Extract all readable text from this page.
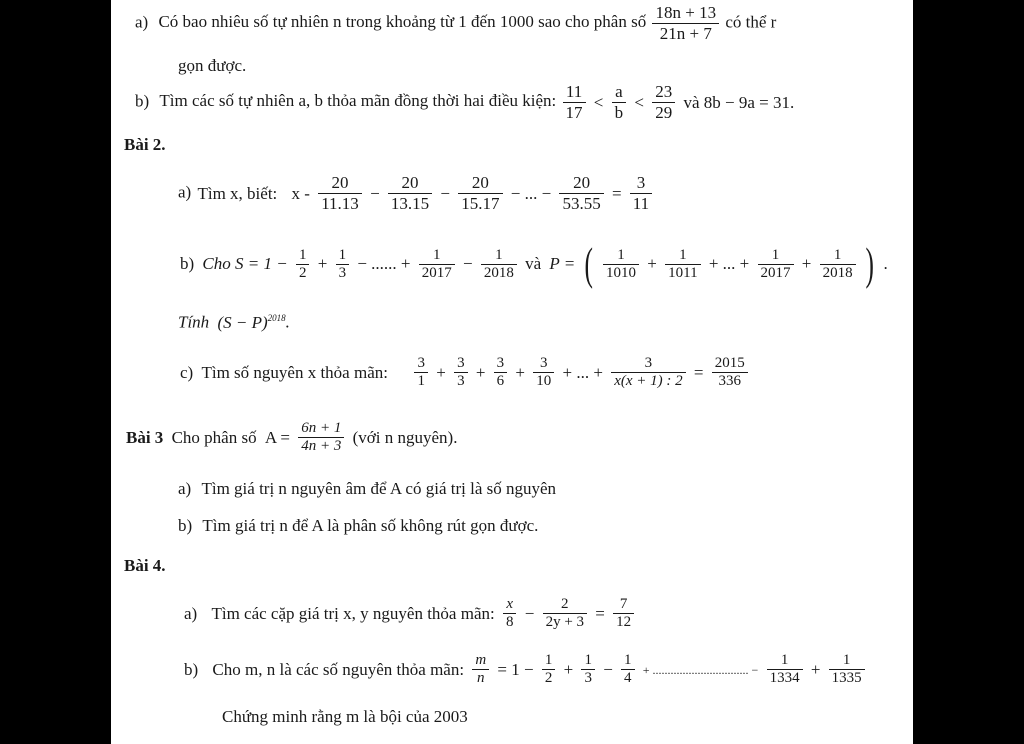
a) Có bao nhiêu số tự nhiên n trong khoảng từ 1 đến 1000 sao cho phân số $\frac{18n + 13}{21n + 7}$ có thể r
gọn được.
b) Tìm các số tự nhiên a, b thỏa mãn đồng thời hai điều kiện: $\frac{11}{17} < \frac{a}{b} < \frac{23}{29}$ và 8b − 9a = 31.
Bài 2.
a) Tìm x, biết: $x - \frac{20}{11.13} - \frac{20}{13.15} - \frac{20}{15.17}$ − ... − $\frac{20}{53.55} = \frac{3}{11}$
b) Cho $S = 1 - \frac{1}{2} + \frac{1}{3}$ − ...... + $\frac{1}{2017} - \frac{1}{2018}$ và P = ( $\frac{1}{1010} + \frac{1}{1011}$ + ... + $\frac{1}{2017} + \frac{1}{2018}$ ) .
Tính $(S - P)^{2018}$.
c) Tìm số nguyên x thỏa mãn: $\frac{3}{1} + \frac{3}{3} + \frac{3}{6} + \frac{3}{10}$ + ... + $\frac{3}{x(x + 1) : 2} = \frac{2015}{336}$
Bài 3 Cho phân số $A = \frac{6n + 1}{4n + 3}$ (với n nguyên).
a) Tìm giá trị n nguyên âm để A có giá trị là số nguyên
b) Tìm giá trị n để A là phân số không rút gọn được.
Bài 4.
a) Tìm các cặp giá trị x, y nguyên thỏa mãn: $\frac{x}{8} - \frac{2}{2y + 3} = \frac{7}{12}$
b) Cho m, n là các số nguyên thỏa mãn: $\frac{m}{n} = 1 - \frac{1}{2} + \frac{1}{3} - \frac{1}{4}$ + ................................ − $\frac{1}{1334} + \frac{1}{1335}$
Chứng minh rằng m là bội của 2003
